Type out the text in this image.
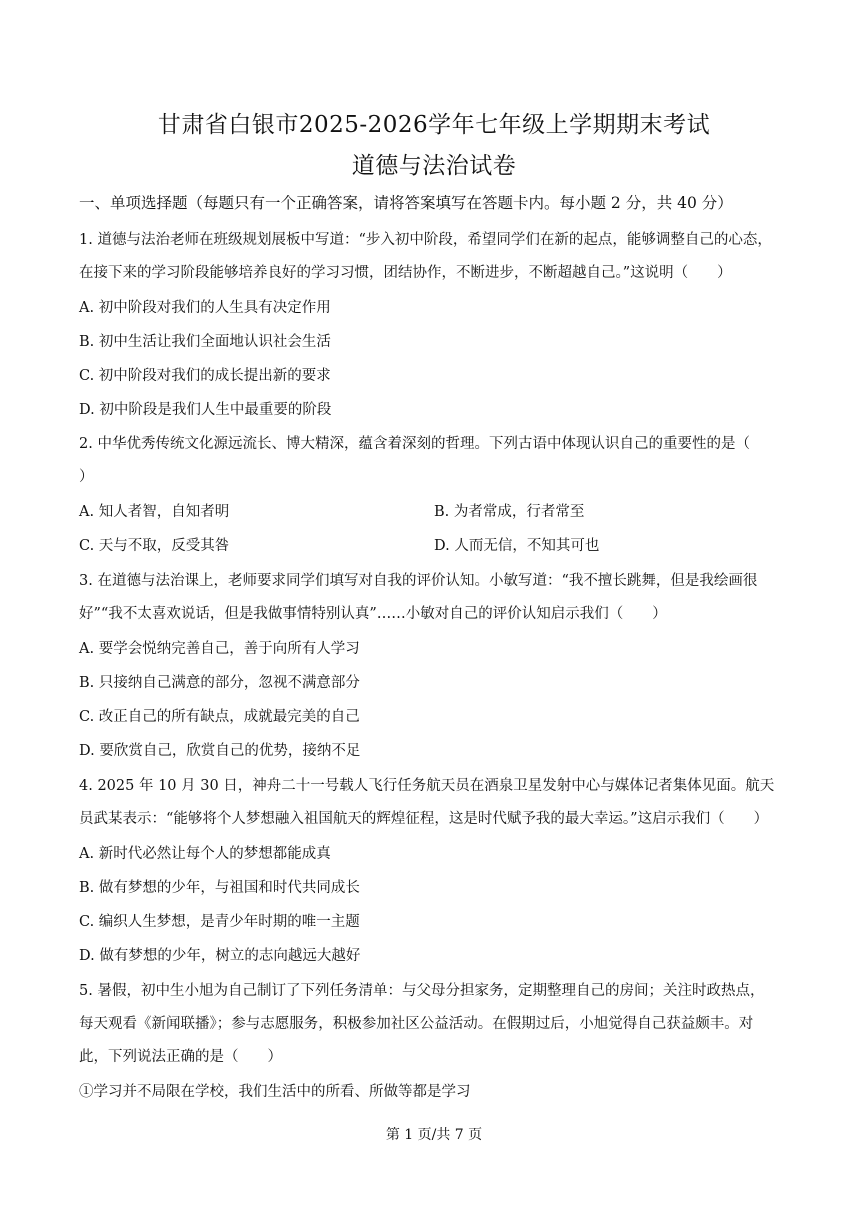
甘肃省白银市2025-2026学年七年级上学期期末考试
道德与法治试卷
一、单项选择题（每题只有一个正确答案，请将答案填写在答题卡内。每小题 2 分，共 40 分）
1. 道德与法治老师在班级规划展板中写道：“步入初中阶段，希望同学们在新的起点，能够调整自己的心态，
在接下来的学习阶段能够培养良好的学习习惯，团结协作，不断进步，不断超越自己。”这说明（　　）
A. 初中阶段对我们的人生具有决定作用
B. 初中生活让我们全面地认识社会生活
C. 初中阶段对我们的成长提出新的要求
D. 初中阶段是我们人生中最重要的阶段
2. 中华优秀传统文化源远流长、博大精深，蕴含着深刻的哲理。下列古语中体现认识自己的重要性的是（
）
A. 知人者智，自知者明	B. 为者常成，行者常至
C. 天与不取，反受其咎	D. 人而无信，不知其可也
3. 在道德与法治课上，老师要求同学们填写对自我的评价认知。小敏写道：“我不擅长跳舞，但是我绘画很
好”“我不太喜欢说话，但是我做事情特别认真”……小敏对自己的评价认知启示我们（　　）
A. 要学会悦纳完善自己，善于向所有人学习
B. 只接纳自己满意的部分，忽视不满意部分
C. 改正自己的所有缺点，成就最完美的自己
D. 要欣赏自己，欣赏自己的优势，接纳不足
4. 2025 年 10 月 30 日，神舟二十一号载人飞行任务航天员在酒泉卫星发射中心与媒体记者集体见面。航天
员武某表示：“能够将个人梦想融入祖国航天的辉煌征程，这是时代赋予我的最大幸运。”这启示我们（　　）
A. 新时代必然让每个人的梦想都能成真
B. 做有梦想的少年，与祖国和时代共同成长
C. 编织人生梦想，是青少年时期的唯一主题
D. 做有梦想的少年，树立的志向越远大越好
5. 暑假，初中生小旭为自己制订了下列任务清单：与父母分担家务，定期整理自己的房间；关注时政热点，
每天观看《新闻联播》；参与志愿服务，积极参加社区公益活动。在假期过后，小旭觉得自己获益颇丰。对
此，下列说法正确的是（　　）
①学习并不局限在学校，我们生活中的所看、所做等都是学习
第 1 页/共 7 页
